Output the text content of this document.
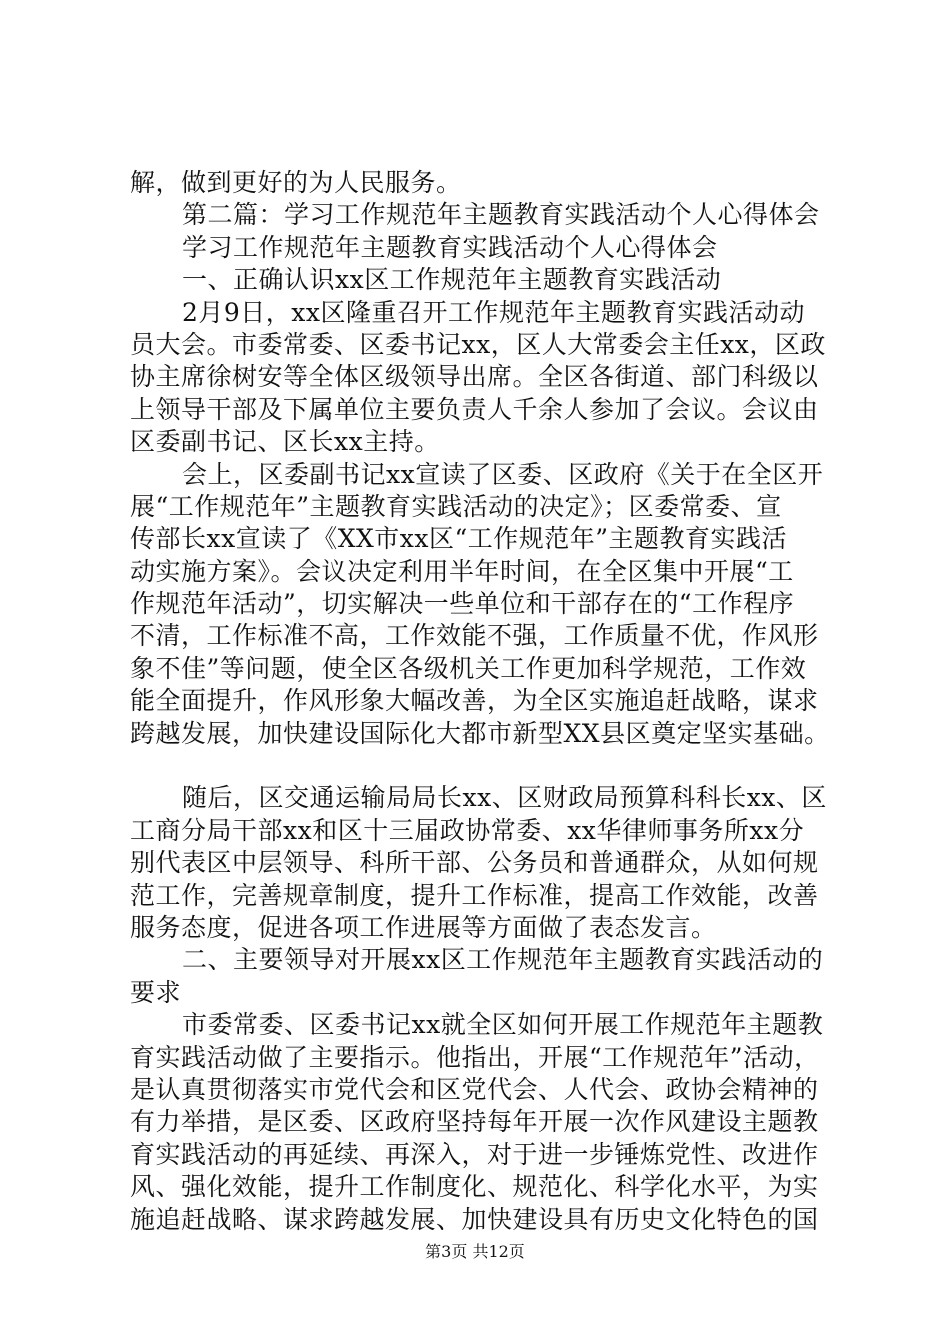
解，做到更好的为人民服务。
第二篇：学习工作规范年主题教育实践活动个人心得体会
学习工作规范年主题教育实践活动个人心得体会
一、正确认识xx区工作规范年主题教育实践活动
2月9日，xx区隆重召开工作规范年主题教育实践活动动
员大会。市委常委、区委书记xx，区人大常委会主任xx，区政
协主席徐树安等全体区级领导出席。全区各街道、部门科级以
上领导干部及下属单位主要负责人千余人参加了会议。会议由
区委副书记、区长xx主持。
会上，区委副书记xx宣读了区委、区政府《关于在全区开
展“工作规范年”主题教育实践活动的决定》；区委常委、宣
传部长xx宣读了《XX市xx区“工作规范年”主题教育实践活
动实施方案》。会议决定利用半年时间，在全区集中开展“工
作规范年活动”，切实解决一些单位和干部存在的“工作程序
不清，工作标准不高，工作效能不强，工作质量不优，作风形
象不佳”等问题，使全区各级机关工作更加科学规范，工作效
能全面提升，作风形象大幅改善，为全区实施追赶战略，谋求
跨越发展，加快建设国际化大都市新型XX县区奠定坚实基础。
随后，区交通运输局局长xx、区财政局预算科科长xx、区
工商分局干部xx和区十三届政协常委、xx华律师事务所xx分
别代表区中层领导、科所干部、公务员和普通群众，从如何规
范工作，完善规章制度，提升工作标准，提高工作效能，改善
服务态度，促进各项工作进展等方面做了表态发言。
二、主要领导对开展xx区工作规范年主题教育实践活动的
要求
市委常委、区委书记xx就全区如何开展工作规范年主题教
育实践活动做了主要指示。他指出，开展“工作规范年”活动，
是认真贯彻落实市党代会和区党代会、人代会、政协会精神的
有力举措，是区委、区政府坚持每年开展一次作风建设主题教
育实践活动的再延续、再深入，对于进一步锤炼党性、改进作
风、强化效能，提升工作制度化、规范化、科学化水平，为实
施追赶战略、谋求跨越发展、加快建设具有历史文化特色的国
第3页 共12页
